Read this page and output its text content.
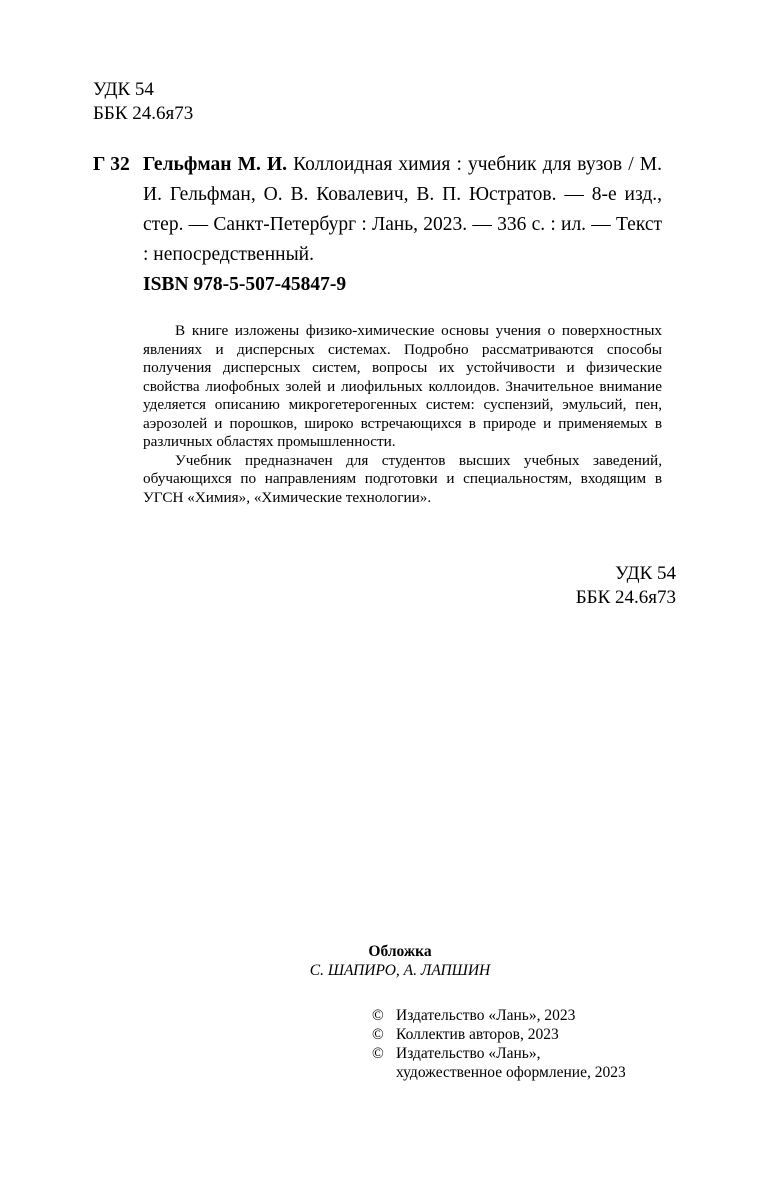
УДК 54
ББК 24.6я73
Г 32 Гельфман М. И. Коллоидная химия : учебник для вузов / М. И. Гельфман, О. В. Ковалевич, В. П. Юстратов. — 8-е изд., стер. — Санкт-Петербург : Лань, 2023. — 336 с. : ил. — Текст : непосредственный.
ISBN 978-5-507-45847-9

В книге изложены физико-химические основы учения о поверхностных явлениях и дисперсных системах. Подробно рассматриваются способы получения дисперсных систем, вопросы их устойчивости и физические свойства лиофобных золей и лиофильных коллоидов. Значительное внимание уделяется описанию микрогетерогенных систем: суспензий, эмульсий, пен, аэрозолей и порошков, широко встречающихся в природе и применяемых в различных областях промышленности.

Учебник предназначен для студентов высших учебных заведений, обучающихся по направлениям подготовки и специальностям, входящим в УГСН «Химия», «Химические технологии».

УДК 54
ББК 24.6я73
Обложка
С. ШАПИРО, А. ЛАПШИН
© Издательство «Лань», 2023
© Коллектив авторов, 2023
© Издательство «Лань»,
художественное оформление, 2023
